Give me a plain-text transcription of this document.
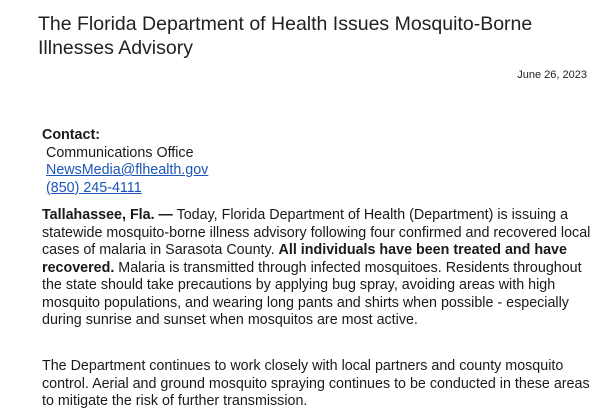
The Florida Department of Health Issues Mosquito-Borne Illnesses Advisory
June 26, 2023
Contact:
Communications Office
NewsMedia@flhealth.gov
(850) 245-4111

Tallahassee, Fla. — Today, Florida Department of Health (Department) is issuing a statewide mosquito-borne illness advisory following four confirmed and recovered local cases of malaria in Sarasota County. All individuals have been treated and have recovered. Malaria is transmitted through infected mosquitoes. Residents throughout the state should take precautions by applying bug spray, avoiding areas with high mosquito populations, and wearing long pants and shirts when possible - especially during sunrise and sunset when mosquitos are most active.

The Department continues to work closely with local partners and county mosquito control. Aerial and ground mosquito spraying continues to be conducted in these areas to mitigate the risk of further transmission.
